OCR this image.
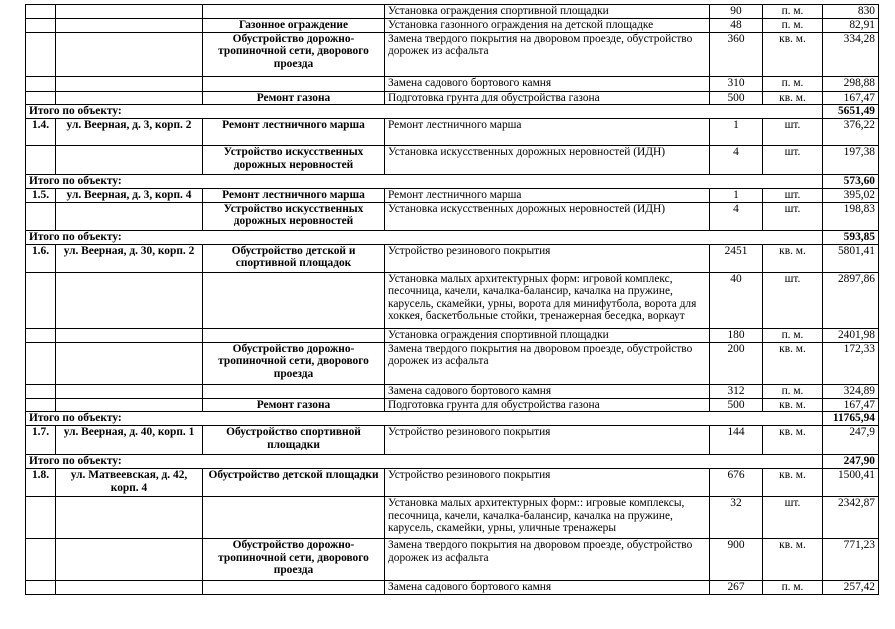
			Установка ограждения спортивной площадки	90	п. м.	830
		Газонное ограждение	Установка газонного ограждения на детской площадке	48	п. м.	82,91
		Обустройство дорожно-тропиночной сети, дворового проезда	Замена твердого покрытия на дворовом проезде, обустройство дорожек из асфальта	360	кв. м.	334,28
			Замена садового бортового камня	310	п. м.	298,88
		Ремонт газона	Подготовка грунта для обустройства газона	500	кв. м.	167,47
Итого по объекту:						5651,49
1.4.	ул. Веерная, д. 3, корп. 2	Ремонт лестничного марша	Ремонт лестничного марша	1	шт.	376,22
		Устройство искусственных дорожных неровностей	Установка искусственных дорожных неровностей (ИДН)	4	шт.	197,38
Итого по объекту:						573,60
1.5.	ул. Веерная, д. 3, корп. 4	Ремонт лестничного марша	Ремонт лестничного марша	1	шт.	395,02
		Устройство искусственных дорожных неровностей	Установка искусственных дорожных неровностей (ИДН)	4	шт.	198,83
Итого по объекту:						593,85
1.6.	ул. Веерная, д. 30, корп. 2	Обустройство детской и спортивной площадок	Устройство резинового покрытия	2451	кв. м.	5801,41
			Установка малых архитектурных форм: игровой комплекс, песочница, качели, качалка-балансир, качалка на пружине, карусель, скамейки, урны, ворота для минифутбола, ворота для хоккея, баскетбольные стойки, тренажерная беседка, воркаут	40	шт.	2897,86
			Установка ограждения спортивной площадки	180	п. м.	2401,98
		Обустройство дорожно-тропиночной сети, дворового проезда	Замена твердого покрытия на дворовом проезде, обустройство дорожек из асфальта	200	кв. м.	172,33
			Замена садового бортового камня	312	п. м.	324,89
		Ремонт газона	Подготовка грунта для обустройства газона	500	кв. м.	167,47
Итого по объекту:						11765,94
1.7.	ул. Веерная, д. 40, корп. 1	Обустройство спортивной площадки	Устройство резинового покрытия	144	кв. м.	247,9
Итого по объекту:						247,90
1.8.	ул. Матвеевская, д. 42, корп. 4	Обустройство детской площадки	Устройство резинового покрытия	676	кв. м.	1500,41
			Установка малых архитектурных форм:: игровые комплексы, песочница, качели, качалка-балансир, качалка на пружине, карусель, скамейки, урны, уличные тренажеры	32	шт.	2342,87
		Обустройство дорожно-тропиночной сети, дворового проезда	Замена твердого покрытия на дворовом проезде, обустройство дорожек из асфальта	900	кв. м.	771,23
			Замена садового бортового камня	267	п. м.	257,42
